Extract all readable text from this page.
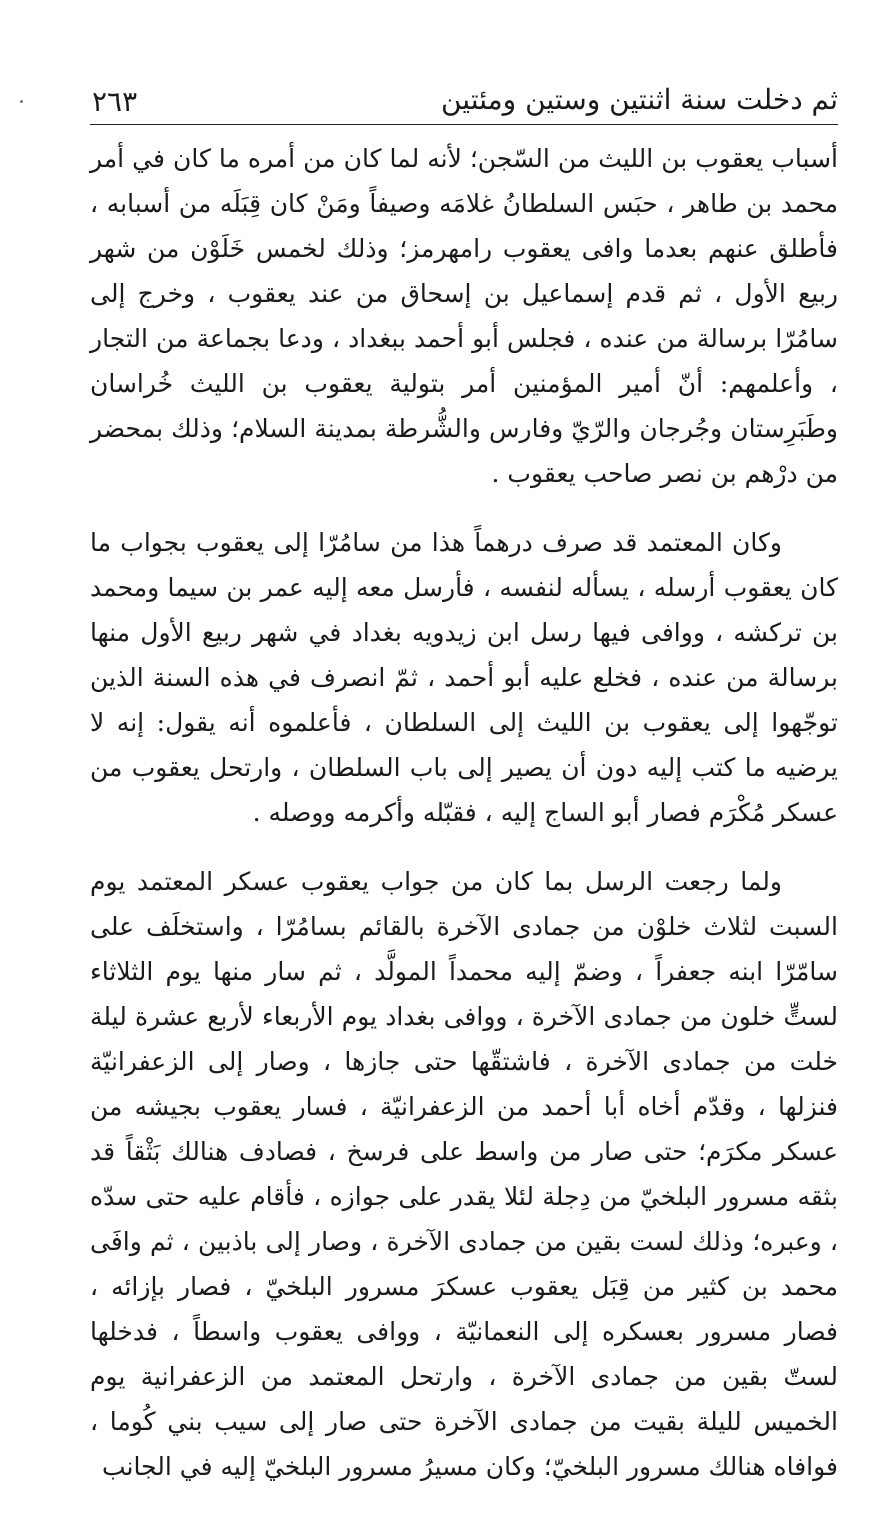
ثم دخلت سنة اثنتين وستين ومئتين
٢٦٣

أسباب يعقوب بن الليث من السّجن؛ لأنه لما كان من أمره ما كان في أمر محمد بن طاهر ، حبَس السلطانُ غلامَه وصيفاً ومَنْ كان قِبَلَه من أسبابه ، فأطلق عنهم بعدما وافى يعقوب رامهرمز؛ وذلك لخمس خَلَوْن من شهر ربيع الأول ، ثم قدم إسماعيل بن إسحاق من عند يعقوب ، وخرج إلى سامُرّا برسالة من عنده ، فجلس أبو أحمد ببغداد ، ودعا بجماعة من التجار ، وأعلمهم: أنّ أمير المؤمنين أمر بتولية يعقوب بن الليث خُراسان وطَبَرِستان وجُرجان والرّيّ وفارس والشُّرطة بمدينة السلام؛ وذلك بمحضر من درْهم بن نصر صاحب يعقوب .

وكان المعتمد قد صرف درهماً هذا من سامُرّا إلى يعقوب بجواب ما كان يعقوب أرسله ، يسأله لنفسه ، فأرسل معه إليه عمر بن سيما ومحمد بن تركشه ، ووافى فيها رسل ابن زيدويه بغداد في شهر ربيع الأول منها برسالة من عنده ، فخلع عليه أبو أحمد ، ثمّ انصرف في هذه السنة الذين توجّهوا إلى يعقوب بن الليث إلى السلطان ، فأعلموه أنه يقول: إنه لا يرضيه ما كتب إليه دون أن يصير إلى باب السلطان ، وارتحل يعقوب من عسكر مُكْرَم فصار أبو الساج إليه ، فقبّله وأكرمه ووصله .

ولما رجعت الرسل بما كان من جواب يعقوب عسكر المعتمد يوم السبت لثلاث خلوْن من جمادى الآخرة بالقائم بسامُرّا ، واستخلَف على سامّرّا ابنه جعفراً ، وضمّ إليه محمداً المولَّد ، ثم سار منها يوم الثلاثاء لستٍّ خلون من جمادى الآخرة ، ووافى بغداد يوم الأربعاء لأربع عشرة ليلة خلت من جمادى الآخرة ، فاشتقّها حتى جازها ، وصار إلى الزعفرانيّة فنزلها ، وقدّم أخاه أبا أحمد من الزعفرانيّة ، فسار يعقوب بجيشه من عسكر مكرَم؛ حتى صار من واسط على فرسخ ، فصادف هنالك بَثْقاً قد بثقه مسرور البلخيّ من دِجلة لئلا يقدر على جوازه ، فأقام عليه حتى سدّه ، وعبره؛ وذلك لست بقين من جمادى الآخرة ، وصار إلى باذبين ، ثم وافَى محمد بن كثير من قِبَل يعقوب عسكرَ مسرور البلخيّ ، فصار بإزائه ، فصار مسرور بعسكره إلى النعمانيّة ، ووافى يعقوب واسطاً ، فدخلها لستّ بقين من جمادى الآخرة ، وارتحل المعتمد من الزعفرانية يوم الخميس لليلة بقيت من جمادى الآخرة حتى صار إلى سيب بني كُوما ، فوافاه هنالك مسرور البلخيّ؛ وكان مسيرُ مسرور البلخيّ إليه في الجانب
